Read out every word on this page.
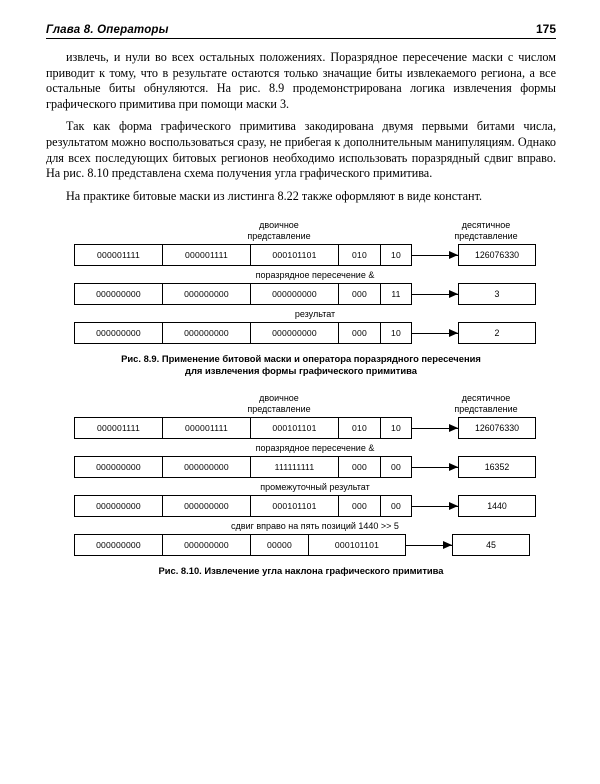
Глава 8. Операторы	175

извлечь, и нули во всех остальных положениях. Поразрядное пересечение маски с числом приводит к тому, что в результате остаются только значащие биты извлекаемого региона, а все остальные биты обнуляются. На рис. 8.9 продемонстрирована логика извлечения формы графического примитива при помощи маски 3.

Так как форма графического примитива закодирована двумя первыми битами числа, результатом можно воспользоваться сразу, не прибегая к дополнительным манипуляциям. Однако для всех последующих битовых регионов необходимо использовать поразрядный сдвиг вправо. На рис. 8.10 представлена схема получения угла графического примитива.

На практике битовые маски из листинга 8.22 также оформляют в виде констант.

двоичное
представление
десятичное
представление
000001111	000001111	000101101	010	10	126076330
поразрядное пересечение &
000000000	000000000	000000000	000	11	3
результат
000000000	000000000	000000000	000	10	2
Рис. 8.9. Применение битовой маски и оператора поразрядного пересечения
для извлечения формы графического примитива
двоичное
представление
десятичное
представление
000001111	000001111	000101101	010	10	126076330
поразрядное пересечение &
000000000	000000000	111111111	000	00	16352
промежуточный результат
000000000	000000000	000101101	000	00	1440
сдвиг вправо на пять позиций 1440 >> 5
000000000	000000000	00000	000101101	45
Рис. 8.10. Извлечение угла наклона графического примитива
